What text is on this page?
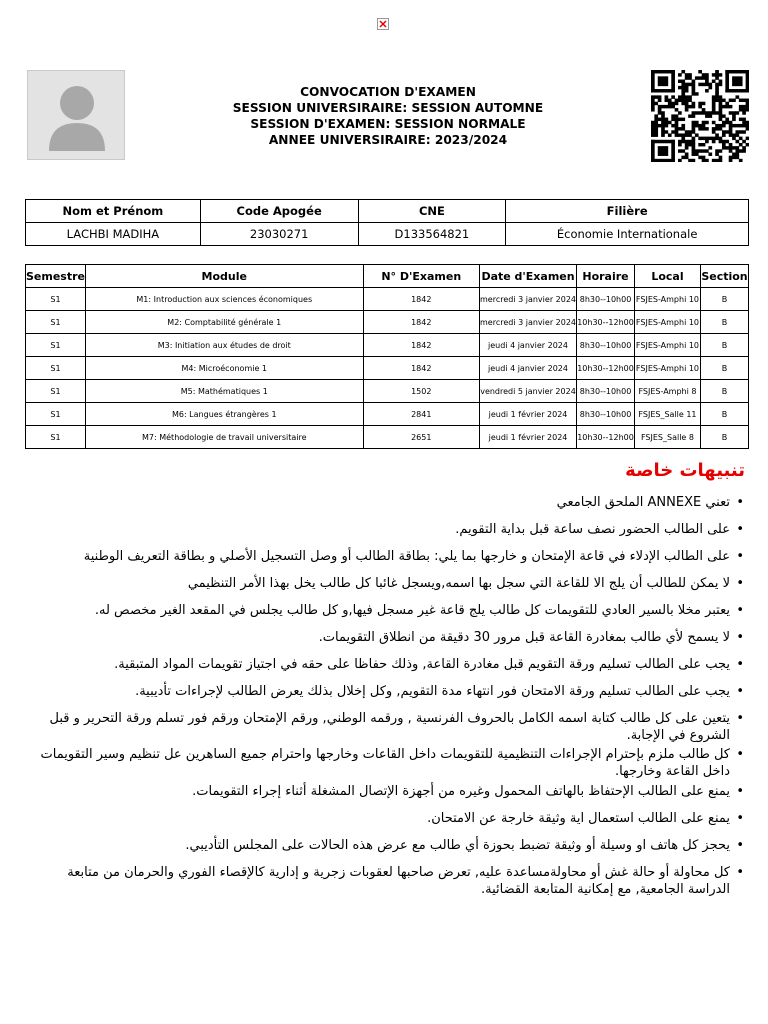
CONVOCATION D'EXAMEN
SESSION UNIVERSIRAIRE: SESSION AUTOMNE
SESSION D'EXAMEN: SESSION NORMALE
ANNEE UNIVERSIRAIRE: 2023/2024
Nom et Prénom	Code Apogée	CNE	Filière
LACHBI MADIHA	23030271	D133564821	Économie Internationale
Semestre	Module	N° D'Examen	Date d'Examen	Horaire	Local	Section
S1	M1: Introduction aux sciences économiques	1842	mercredi 3 janvier 2024	8h30--10h00	FSJES-Amphi 10	B
S1	M2: Comptabilité générale 1	1842	mercredi 3 janvier 2024	10h30--12h00	FSJES-Amphi 10	B
S1	M3: Initiation aux études de droit	1842	jeudi 4 janvier 2024	8h30--10h00	FSJES-Amphi 10	B
S1	M4: Microéconomie 1	1842	jeudi 4 janvier 2024	10h30--12h00	FSJES-Amphi 10	B
S1	M5: Mathématiques 1	1502	vendredi 5 janvier 2024	8h30--10h00	FSJES-Amphi 8	B
S1	M6: Langues étrangères 1	2841	jeudi 1 février 2024	8h30--10h00	FSJES_Salle 11	B
S1	M7: Méthodologie de travail universitaire	2651	jeudi 1 février 2024	10h30--12h00	FSJES_Salle 8	B
تنبيهات خاصة
• تعني ANNEXE الملحق الجامعي
• على الطالب الحضور نصف ساعة قبل بداية التقويم.
• على الطالب الإدلاء في قاعة الإمتحان و خارجها بما يلي: بطاقة الطالب أو وصل التسجيل الأصلي و بطاقة التعريف الوطنية
• لا يمكن للطالب أن يلج الا للقاعة التي سجل بها اسمه,ويسجل غائبا كل طالب يخل بهذا الأمر التنظيمي
• يعتبر مخلا بالسير العادي للتقويمات كل طالب يلج قاعة غير مسجل فيها,و كل طالب يجلس في المقعد الغير مخصص له.
• لا يسمح لأي طالب بمغادرة القاعة قبل مرور 30 دقيقة من انطلاق التقويمات.
• يجب على الطالب تسليم ورقة التقويم قبل مغادرة القاعة, وذلك حفاظا على حقه في اجتياز تقويمات المواد المتبقية.
• يجب على الطالب تسليم ورقة الامتحان فور انتهاء مدة التقويم, وكل إخلال بذلك يعرض الطالب لإجراءات تأديبية.
• يتعين على كل طالب كتابة اسمه الكامل بالحروف الفرنسية , ورقمه الوطني, ورقم الإمتحان ورقم فور تسلم ورقة التحرير و قبل الشروع في الإجابة.
• كل طالب ملزم بإحترام الإجراءات التنظيمية للتقويمات داخل القاعات وخارجها واحترام جميع الساهرين عل تنظيم وسير التقويمات داخل القاعة وخارجها.
• يمنع على الطالب الإحتفاظ بالهاتف المحمول وغيره من أجهزة الإتصال المشغلة أثناء إجراء التقويمات.
• يمنع على الطالب استعمال اية وثيقة خارجة عن الامتحان.
• يحجز كل هاتف او وسيلة أو وثيقة تضبط بحوزة أي طالب مع عرض هذه الحالات على المجلس التأديبي.
• كل محاولة أو حالة غش أو محاولةمساعدة عليه, تعرض صاحبها لعقوبات زجرية و إدارية كالإقصاء الفوري والحرمان من متابعة الدراسة الجامعية, مع إمكانية المتابعة القضائية.
